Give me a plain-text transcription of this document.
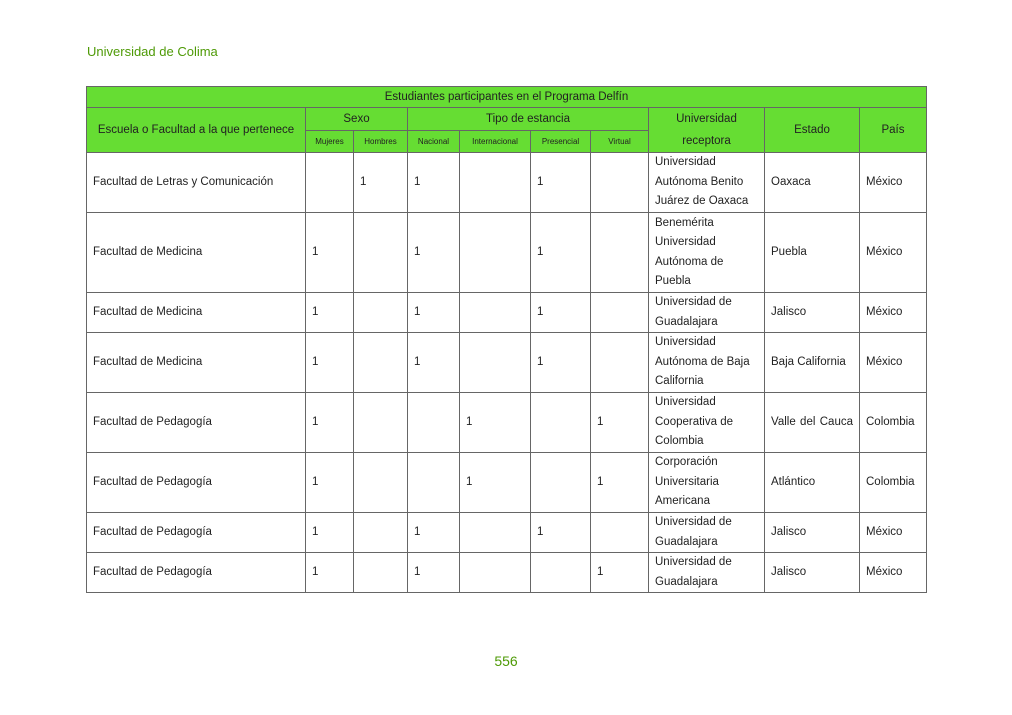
Universidad de Colima
Estudiantes participantes en el Programa Delfín									
Escuela o Facultad a la que pertenece	Sexo		Tipo de estancia				Universidad receptora	Estado	País
	Mujeres	Hombres	Nacional	Internacional	Presencial	Virtual			
Facultad de Letras y Comunicación		1	1		1		Universidad Autónoma Benito Juárez de Oaxaca	Oaxaca	México
Facultad de Medicina	1		1		1		Benemérita Universidad Autónoma de Puebla	Puebla	México
Facultad de Medicina	1		1		1		Universidad de Guadalajara	Jalisco	México
Facultad de Medicina	1		1		1		Universidad Autónoma de Baja California	Baja California	México
Facultad de Pedagogía	1			1		1	Universidad Cooperativa de Colombia	Valle del Cauca	Colombia
Facultad de Pedagogía	1			1		1	Corporación Universitaria Americana	Atlántico	Colombia
Facultad de Pedagogía	1		1		1		Universidad de Guadalajara	Jalisco	México
Facultad de Pedagogía	1		1			1	Universidad de Guadalajara	Jalisco	México
556
